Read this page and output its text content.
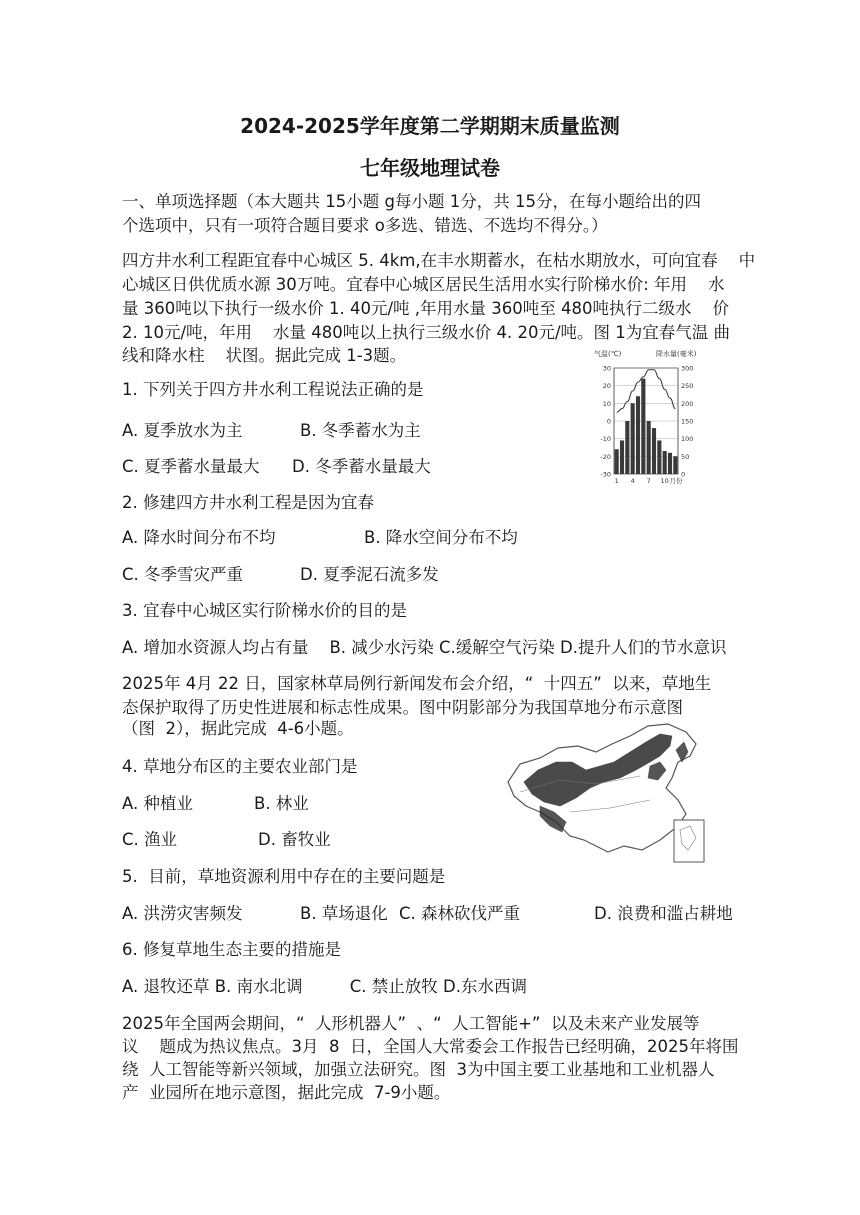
2024-2025学年度第二学期期末质量监测
七年级地理试卷
一、单项选择题（本大题共 15小题 g每小题 1分，共 15分，在每小题给出的四
个选项中，只有一项符合题目要求 o多选、错选、不选均不得分。）
四方井水利工程距宜春中心城区 5. 4km,在丰水期蓄水，在枯水期放水，可向宜春    中
心城区日供优质水源 30万吨。宜春中心城区居民生活用水实行阶梯水价: 年用    水
量 360吨以下执行一级水价 1. 40元/吨 ,年用水量 360吨至 480吨执行二级水    价
2. 10元/吨，年用    水量 480吨以上执行三级水价 4. 20元/吨。图 1为宜春气温 曲
线和降水柱    状图。据此完成 1-3题。
1. 下列关于四方井水利工程说法正确的是
A. 夏季放水为主	B. 冬季蓄水为主
C. 夏季蓄水量最大 D. 冬季蓄水量最大
2. 修建四方井水利工程是因为宜春
A. 降水时间分布不均	B. 降水空间分布不均
C. 冬季雪灾严重	D. 夏季泥石流多发
3. 宜春中心城区实行阶梯水价的目的是
A. 增加水资源人均占有量    B. 减少水污染 C.缓解空气污染 D.提升人们的节水意识
2025年 4月 22 日，国家林草局例行新闻发布会介绍，“  十四五”  以来，草地生
态保护取得了历史性进展和标志性成果。图中阴影部分为我国草地分布示意图
（图  2），据此完成  4-6小题。
4. 草地分布区的主要农业部门是
A. 种植业	B. 林业
C. 渔业	D. 畜牧业
5.  目前，草地资源利用中存在的主要问题是
A. 洪涝灾害频发	B. 草场退化 C. 森林砍伐严重	D. 浪费和滥占耕地
6. 修复草地生态主要的措施是
A. 退牧还草 B. 南水北调         C. 禁止放牧 D.东水西调
2025年全国两会期间，“  人形机器人”  、“  人工智能+”  以及未来产业发展等
议    题成为热议焦点。3月  8  日，全国人大常委会工作报告已经明确，2025年将围
绕  人工智能等新兴领域，加强立法研究。图  3为中国主要工业基地和工业机器人
产  业园所在地示意图，据此完成  7-9小题。
气温(℃)	降水量(毫米)
30
20
10
0
-10
-20
-30
300
250
200
150
100
50
0
1 4 7 10 月份
